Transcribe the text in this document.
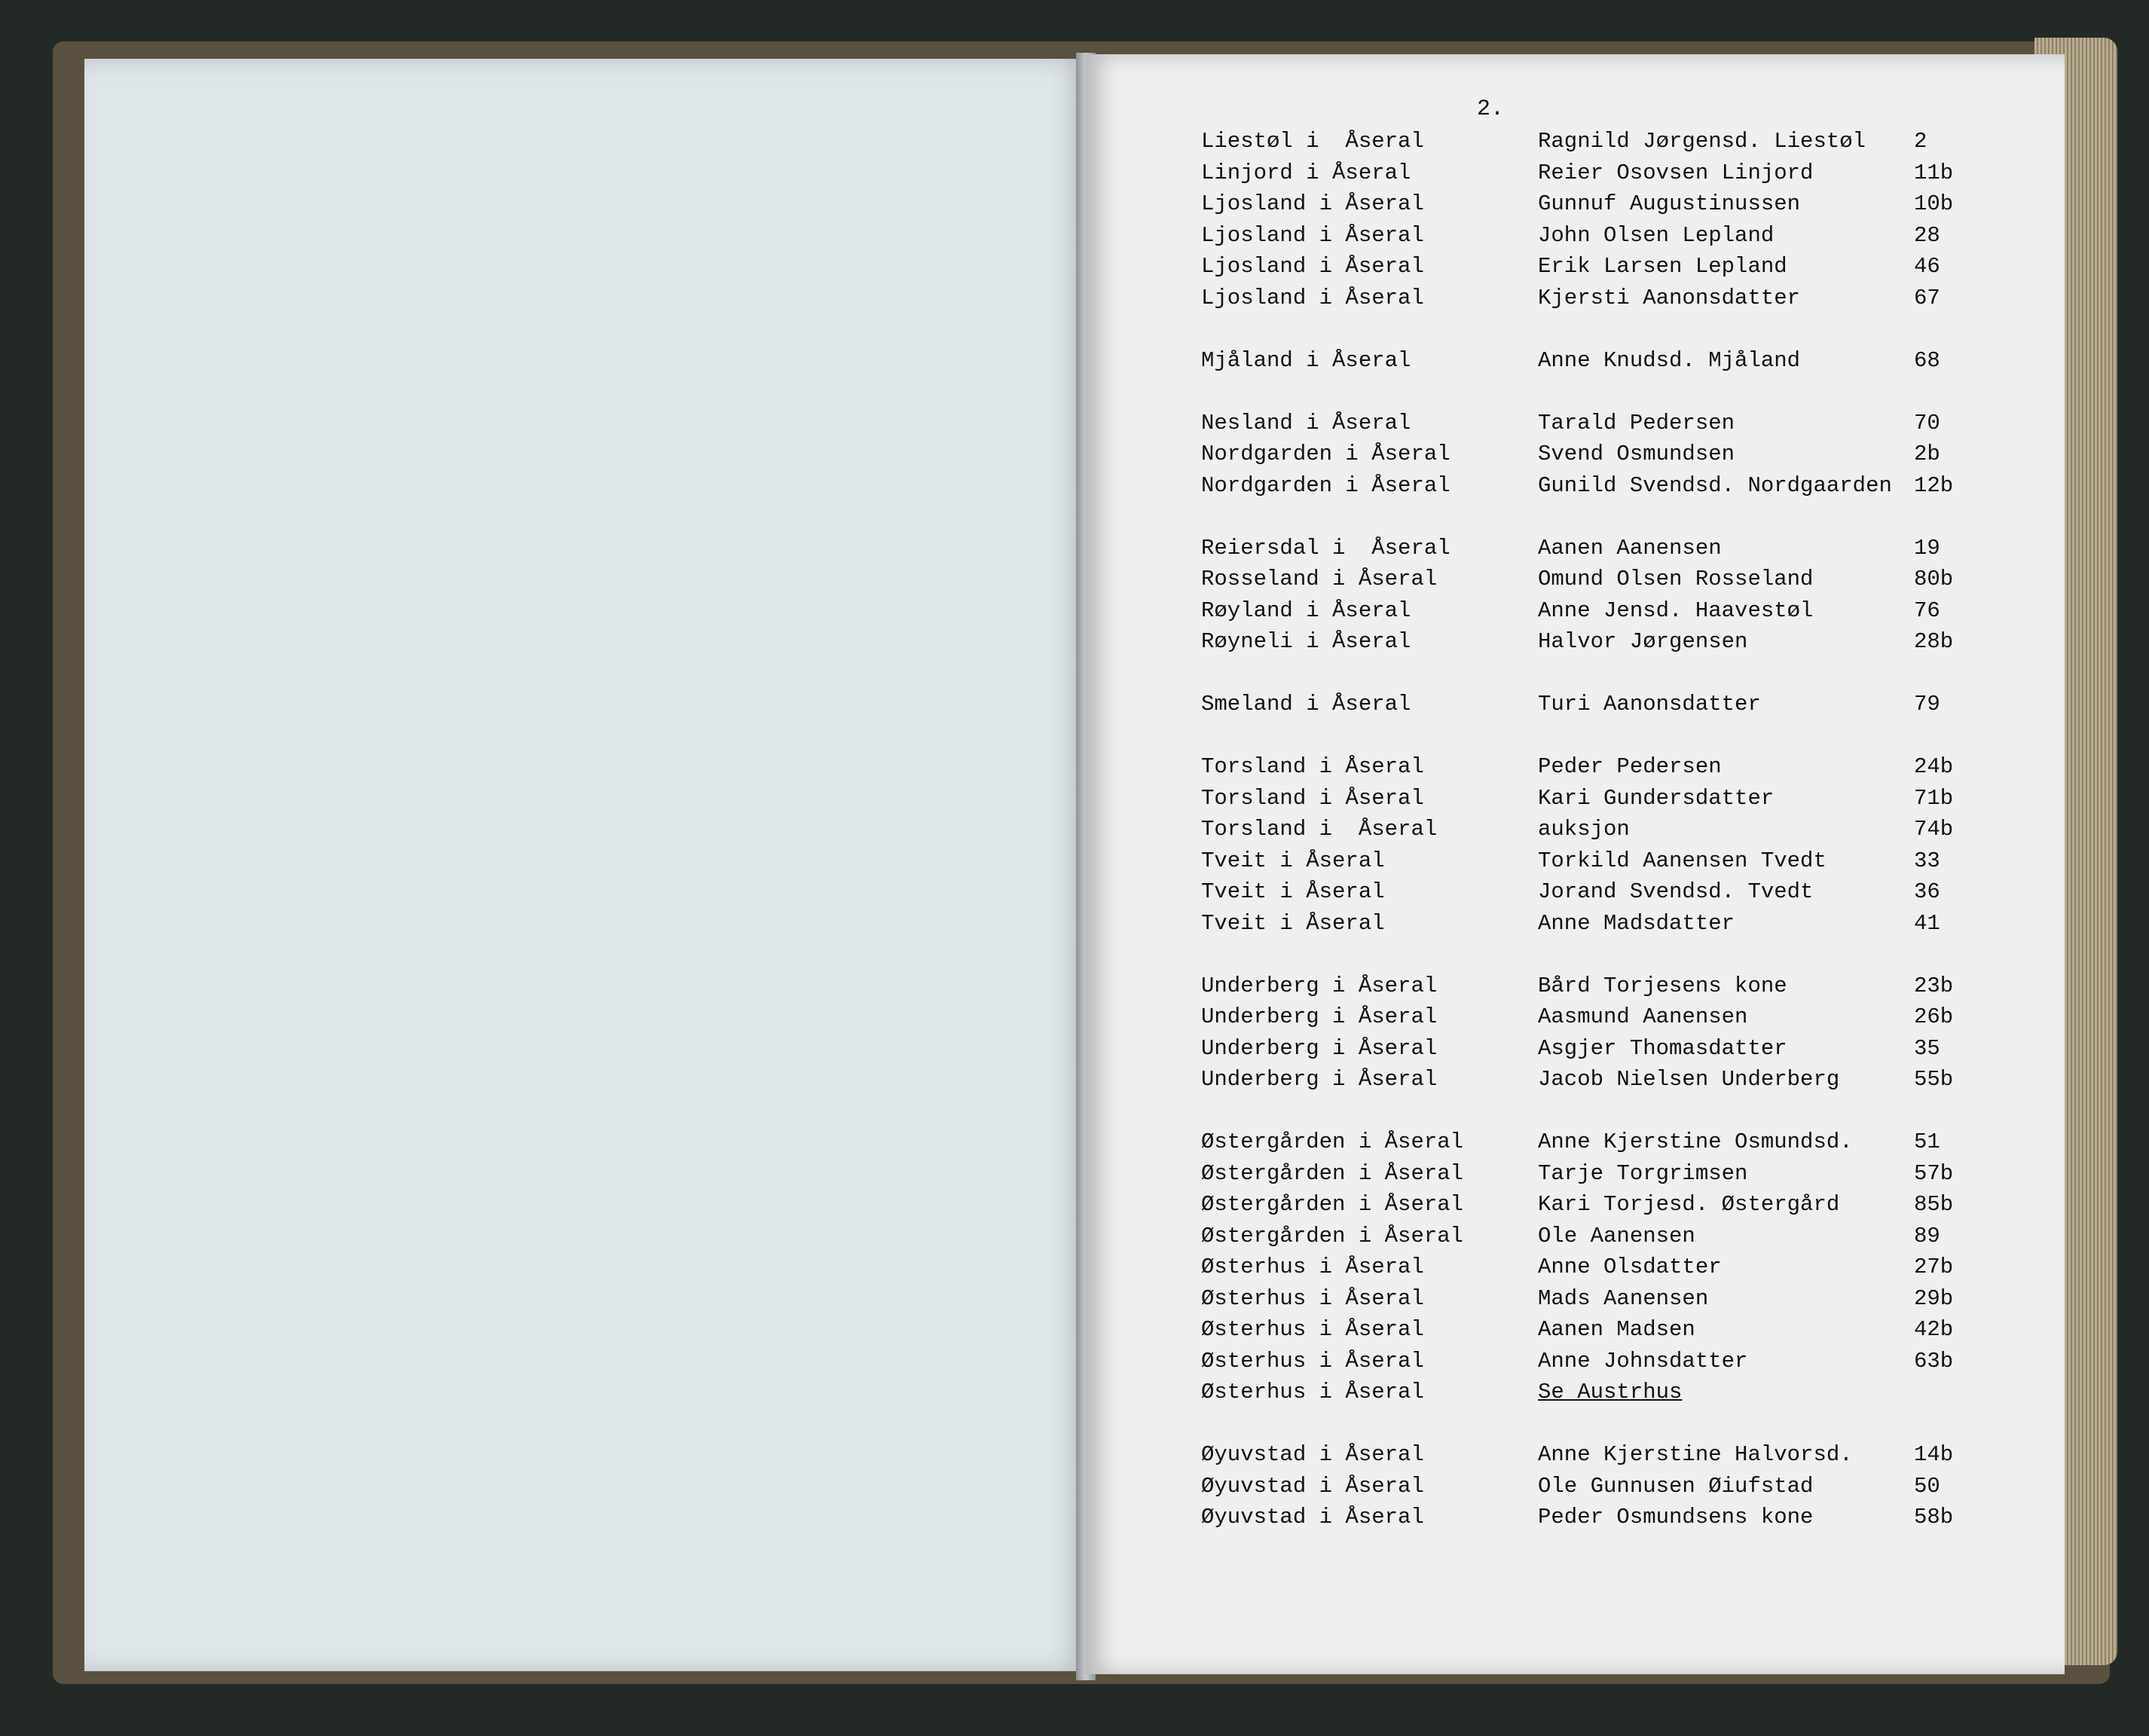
2.
Liestøl i  Åseral	Ragnild Jørgensd. Liestøl 2
Linjord i Åseral	Reier Osovsen Linjord	11b
Ljosland i Åseral	Gunnuf Augustinussen	10b
Ljosland i Åseral	John Olsen Lepland	28
Ljosland i Åseral	Erik Larsen Lepland	46
Ljosland i Åseral	Kjersti Aanonsdatter	67
Mjåland i Åseral	Anne Knudsd. Mjåland	68
Nesland i Åseral	Tarald Pedersen	70
Nordgarden i Åseral	Svend Osmundsen	2b
Nordgarden i Åseral	Gunild Svendsd. Nordgaarden 12b
Reiersdal i  Åseral	Aanen Aanensen	19
Rosseland i Åseral	Omund Olsen Rosseland	80b
Røyland i Åseral	Anne Jensd. Haavestøl	76
Røyneli i Åseral	Halvor Jørgensen	28b
Smeland i Åseral	Turi Aanonsdatter	79
Torsland i Åseral	Peder Pedersen	24b
Torsland i Åseral	Kari Gundersdatter	71b
Torsland i  Åseral	auksjon	74b
Tveit i Åseral	Torkild Aanensen Tvedt	33
Tveit i Åseral	Jorand Svendsd. Tvedt	36
Tveit i Åseral	Anne Madsdatter	41
Underberg i Åseral	Bård Torjesens kone	23b
Underberg i Åseral	Aasmund Aanensen	26b
Underberg i Åseral	Asgjer Thomasdatter	35
Underberg i Åseral	Jacob Nielsen Underberg	55b
Østergården i Åseral	Anne Kjerstine Osmundsd.	51
Østergården i Åseral	Tarje Torgrimsen	57b
Østergården i Åseral	Kari Torjesd. Østergård	85b
Østergården i Åseral	Ole Aanensen	89
Østerhus i Åseral	Anne Olsdatter	27b
Østerhus i Åseral	Mads Aanensen	29b
Østerhus i Åseral	Aanen Madsen	42b
Østerhus i Åseral	Anne Johnsdatter	63b
Østerhus i Åseral	Se Austrhus
Øyuvstad i Åseral	Anne Kjerstine Halvorsd.	14b
Øyuvstad i Åseral	Ole Gunnusen Øiufstad	50
Øyuvstad i Åseral	Peder Osmundsens kone	58b
